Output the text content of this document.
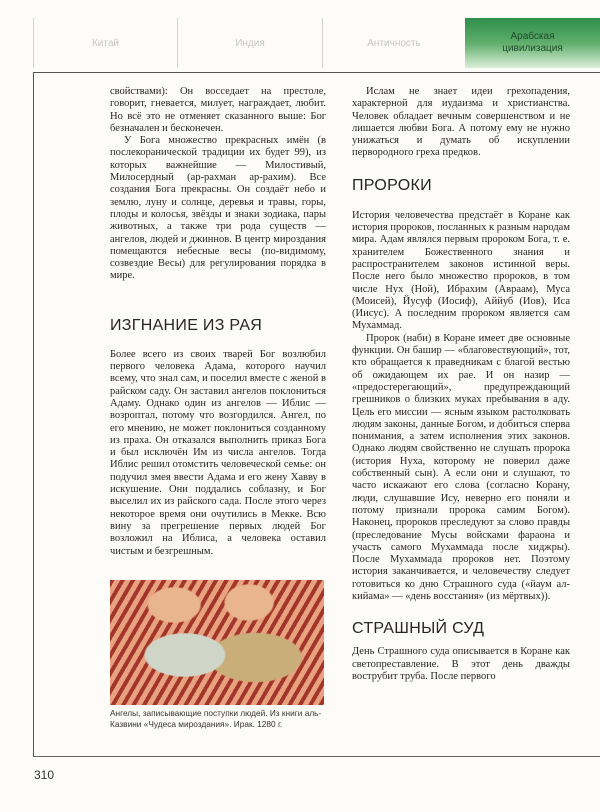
Китай	Индия	Античность
Арабская цивилизация

свойствами): Он восседает на престоле, говорит, гневается, милует, награждает, любит. Но всё это не отменяет сказанного выше: Бог безначален и бесконечен.

У Бога множество прекрасных имён (в послекоранической традиции их будет 99), из которых важнейшие — Милостивый, Милосердный (ар-рахман ар-рахим). Все создания Бога прекрасны. Он создаёт небо и землю, луну и солнце, деревья и травы, горы, плоды и колосья, звёзды и знаки зодиака, пары животных, а также три рода существ — ангелов, людей и джиннов. В центр мироздания помещаются небесные весы (по-видимому, созвездие Весы) для регулирования порядка в мире.

ИЗГНАНИЕ ИЗ РАЯ

Более всего из своих тварей Бог возлюбил первого человека Адама, которого научил всему, что знал сам, и поселил вместе с женой в райском саду. Он заставил ангелов поклониться Адаму. Однако один из ангелов — Иблис — возроптал, потому что возгордился. Ангел, по его мнению, не может поклониться созданному из праха. Он отказался выполнить приказ Бога и был исключён Им из числа ангелов. Тогда Иблис решил отомстить человеческой семье: он подучил змея ввести Адама и его жену Хавву в искушение. Они поддались соблазну, и Бог выселил их из райского сада. После этого через некоторое время они очутились в Мекке. Всю вину за прегрешение первых людей Бог возложил на Иблиса, а человека оставил чистым и безгрешным.

Ангелы, записывающие поступки людей. Из книги аль-Казвини «Чудеса мироздания». Ирак. 1280 г.

Ислам не знает идеи грехопадения, характерной для иудаизма и христианства. Человек обладает вечным совершенством и не лишается любви Бога. А потому ему не нужно унижаться и думать об искуплении первородного греха предков.

ПРОРОКИ

История человечества предстаёт в Коране как история пророков, посланных к разным народам мира. Адам являлся первым пророком Бога, т. е. хранителем Божественного знания и распространителем законов истинной веры. После него было множество пророков, в том числе Нух (Ной), Ибрахим (Авраам), Муса (Моисей), Йусуф (Иосиф), Аййуб (Иов), Иса (Иисус). А последним пророком является сам Мухаммад.

Пророк (наби) в Коране имеет две основные функции. Он башир — «благовествующий», тот, кто обращается к праведникам с благой вестью об ожидающем их рае. И он назир — «предостерегающий», предупреждающий грешников о близких муках пребывания в аду. Цель его миссии — ясным языком растолковать людям законы, данные Богом, и добиться сперва понимания, а затем исполнения этих законов. Однако людям свойственно не слушать пророка (история Нуха, которому не поверил даже собственный сын). А если они и слушают, то часто искажают его слова (согласно Корану, люди, слушавшие Ису, неверно его поняли и потому признали пророка самим Богом). Наконец, пророков преследуют за слово правды (преследование Мусы войсками фараона и участь самого Мухаммада после хиджры). После Мухаммада пророков нет. Поэтому история заканчивается, и человечеству следует готовиться ко дню Страшного суда («йаум ал-кийама» — «день восстания» (из мёртвых)).

СТРАШНЫЙ СУД

День Страшного суда описывается в Коране как светопреставление. В этот день дважды вострубит труба. После первого

310
